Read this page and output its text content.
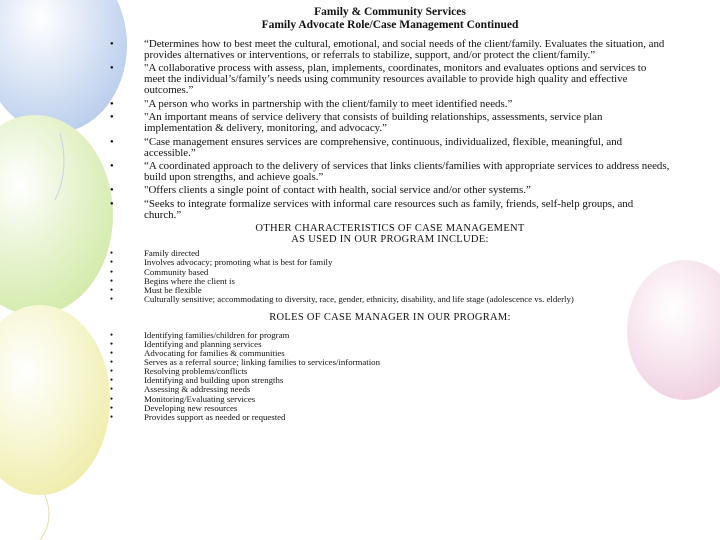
Family & Community Services
Family Advocate Role/Case Management Continued
● “Determines how to best meet the cultural, emotional, and social needs of the client/family. Evaluates the situation, and provides alternatives or interventions, or referrals to stabilize, support, and/or protect the client/family.”
● "A collaborative process with assess, plan, implements, coordinates, monitors and evaluates options and services to meet the individual’s/family’s needs using community resources available to provide high quality and effective outcomes.”
● "A person who works in partnership with the client/family to meet identified needs.”
● "An important means of service delivery that consists of building relationships, assessments, service plan implementation & delivery, monitoring, and advocacy.”
● “Case management ensures services are comprehensive, continuous, individualized, flexible, meaningful, and accessible.”
● “A coordinated approach to the delivery of services that links clients/families with appropriate services to address needs, build upon strengths, and achieve goals.”
● "Offers clients a single point of contact with health, social service and/or other systems.”
● “Seeks to integrate formalize services with informal care resources such as family, friends, self-help groups, and church.”
OTHER CHARACTERISTICS OF CASE MANAGEMENT
AS USED IN OUR PROGRAM INCLUDE:
● Family directed
● Involves advocacy; promoting what is best for family
● Community based
● Begins where the client is
● Must be flexible
● Culturally sensitive; accommodating to diversity, race, gender, ethnicity, disability, and life stage (adolescence vs. elderly)
ROLES OF CASE MANAGER IN OUR PROGRAM:
● Identifying families/children for program
● Identifying and planning services
● Advocating for families & communities
● Serves as a referral source; linking families to services/information
● Resolving problems/conflicts
● Identifying and building upon strengths
● Assessing & addressing needs
● Monitoring/Evaluating services
● Developing new resources
● Provides support as needed or requested
